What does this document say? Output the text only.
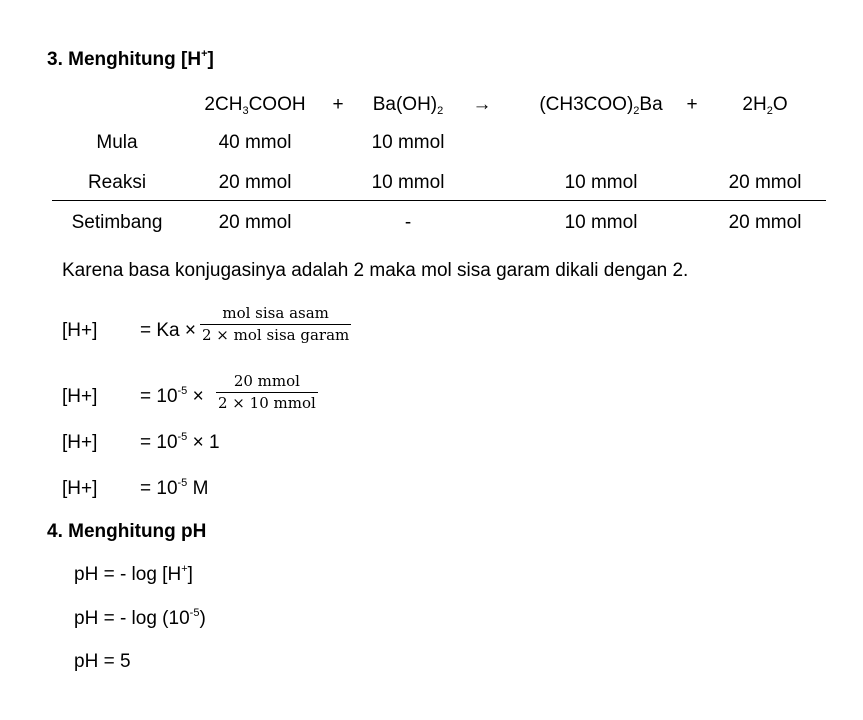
3. Menghitung [H+]
$2CH_3COOH + Ba(OH)_2$ →	$(CH3COO)_2Ba + 2H_2O$
Mula	40 mmol	10 mmol
Reaksi	20 mmol	10 mmol	10 mmol	20 mmol
Setimbang	20 mmol	-	10 mmol	20 mmol
Karena basa konjugasinya adalah 2 maka mol sisa garam dikali dengan 2.
[H+] = Ka ×
mol sisa asam
2 × mol sisa garam
$[H+] = 10^{-5}$ ×
20 mmol
2 × 10 mmol
$[H+] = 10^{-5} \times 1$
$[H+] = 10^{-5}$ M
4. Menghitung pH
pH = - log [H+]
pH = - $\log (10^{-5})$
pH = 5
